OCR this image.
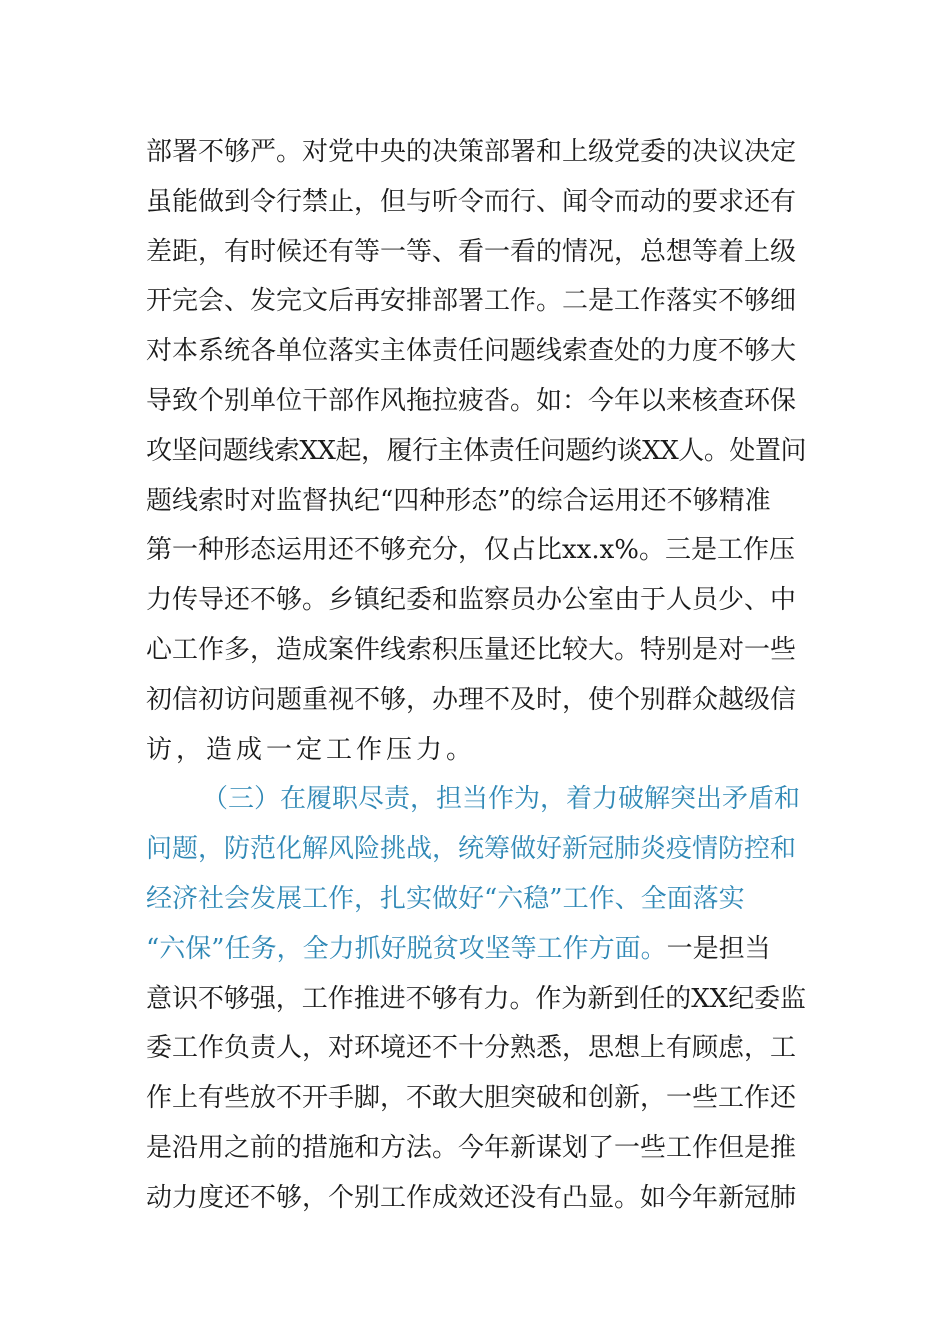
部署不够严。对党中央的决策部署和上级党委的决议决定
虽能做到令行禁止，但与听令而行、闻令而动的要求还有
差距，有时候还有等一等、看一看的情况，总想等着上级
开完会、发完文后再安排部署工作。二是工作落实不够细
对本系统各单位落实主体责任问题线索查处的力度不够大
导致个别单位干部作风拖拉疲沓。如：今年以来核查环保
攻坚问题线索XX起，履行主体责任问题约谈XX人。处置问
题线索时对监督执纪“四种形态”的综合运用还不够精准
第一种形态运用还不够充分，仅占比xx.x%。三是工作压
力传导还不够。乡镇纪委和监察员办公室由于人员少、中
心工作多，造成案件线索积压量还比较大。特别是对一些
初信初访问题重视不够，办理不及时，使个别群众越级信
访，造成一定工作压力。
（三）在履职尽责，担当作为，着力破解突出矛盾和
问题，防范化解风险挑战，统筹做好新冠肺炎疫情防控和
经济社会发展工作，扎实做好“六稳”工作、全面落实
“六保”任务，全力抓好脱贫攻坚等工作方面。一是担当
意识不够强，工作推进不够有力。作为新到任的XX纪委监
委工作负责人，对环境还不十分熟悉，思想上有顾虑，工
作上有些放不开手脚，不敢大胆突破和创新，一些工作还
是沿用之前的措施和方法。今年新谋划了一些工作但是推
动力度还不够，个别工作成效还没有凸显。如今年新冠肺
